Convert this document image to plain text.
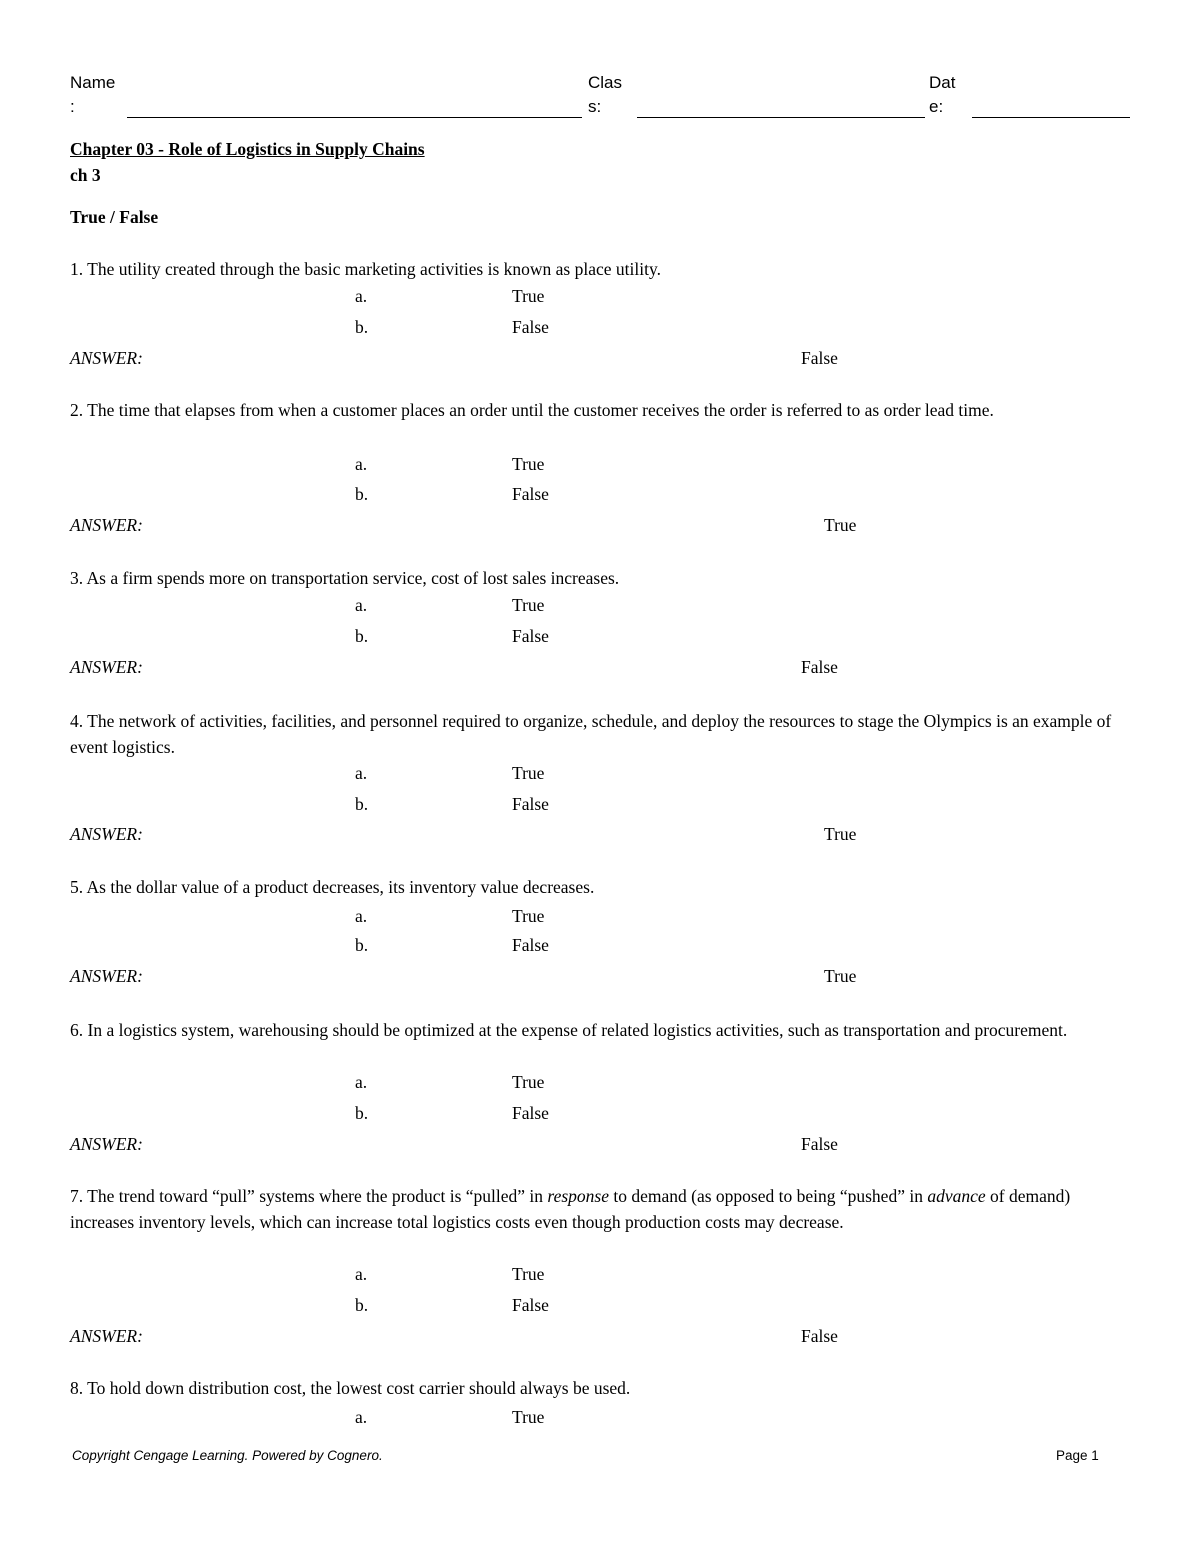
Name
:
Clas
s:
Dat
e:
Chapter 03 - Role of Logistics in Supply Chains
ch 3
True / False
1. The utility created through the basic marketing activities is known as place utility.
a.	True
b.	False
ANSWER:	False
2. The time that elapses from when a customer places an order until the customer receives the order is referred to as order lead time.
a.	True
b.	False
ANSWER:	True
3. As a firm spends more on transportation service, cost of lost sales increases.
a.	True
b.	False
ANSWER:	False
4. The network of activities, facilities, and personnel required to organize, schedule, and deploy the resources to stage the Olympics is an example of event logistics.
a.	True
b.	False
ANSWER:	True
5. As the dollar value of a product decreases, its inventory value decreases.
a.	True
b.	False
ANSWER:	True
6. In a logistics system, warehousing should be optimized at the expense of related logistics activities, such as transportation and procurement.
a.	True
b.	False
ANSWER:	False
7. The trend toward “pull” systems where the product is “pulled” in response to demand (as opposed to being “pushed” in advance of demand) increases inventory levels, which can increase total logistics costs even though production costs may decrease.
a.	True
b.	False
ANSWER:	False
8. To hold down distribution cost, the lowest cost carrier should always be used.
a.	True
Copyright Cengage Learning. Powered by Cognero.	Page 1
